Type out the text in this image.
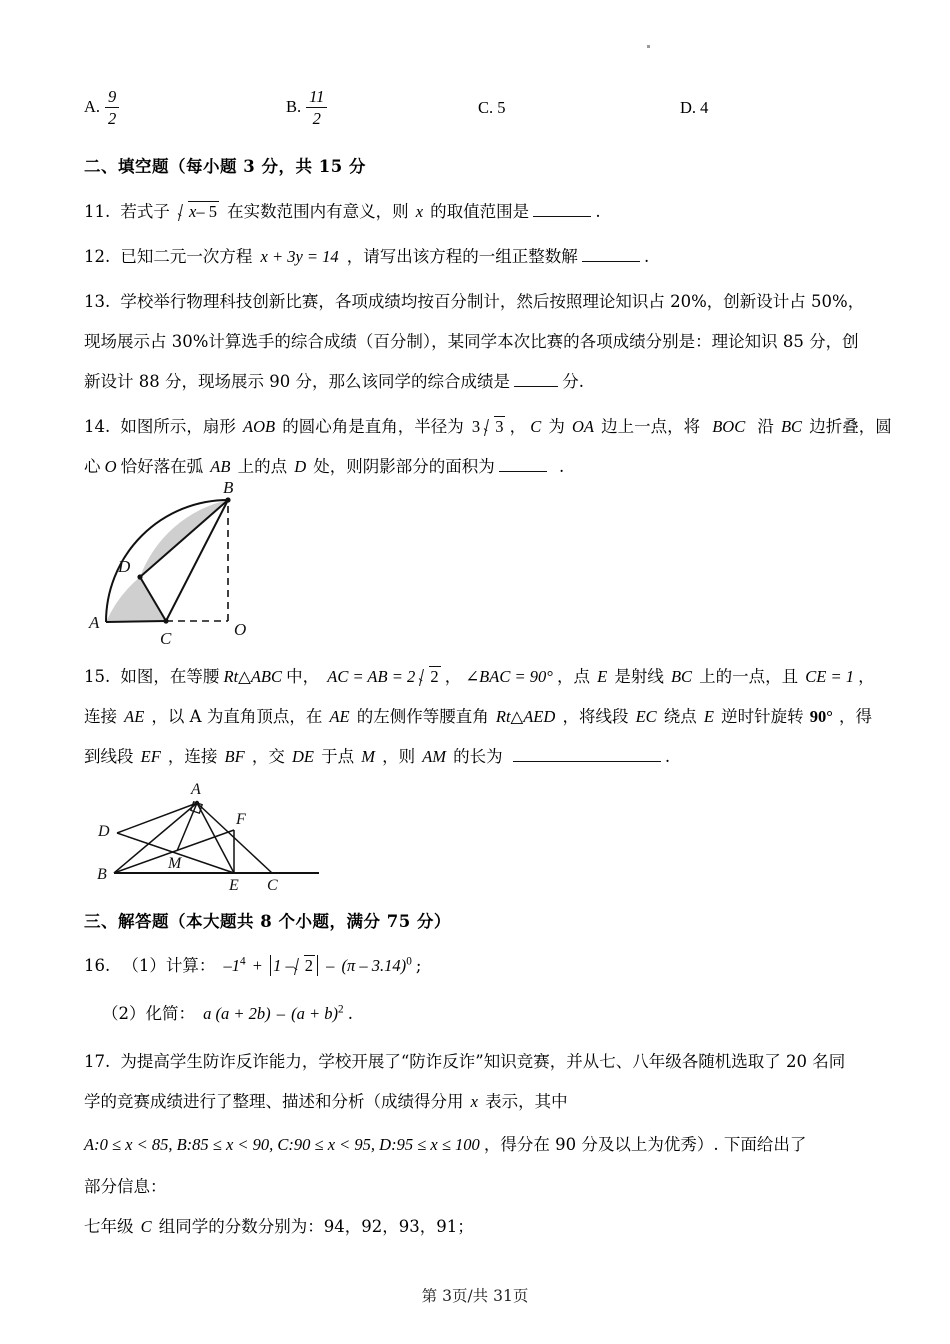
A. $\frac{9}{2}$	B. $\frac{11}{2}$	C. 5	D. 4
二、填空题（每小题 3 分，共 15 分
11. 若式子 x– 5 在实数范围内有意义，则 x 的取值范围是	.
12. 已知二元一次方程 x + 3y = 14 ，请写出该方程的一组正整数解	.
13. 学校举行物理科技创新比赛，各项成绩均按百分制计，然后按照理论知识占 20%，创新设计占 50%，
现场展示占 30%计算选手的综合成绩（百分制），某同学本次比赛的各项成绩分别是：理论知识 85 分，创
新设计 88 分，现场展示 90 分，那么该同学的综合成绩是	分.
14. 如图所示，扇形 AOB 的圆心角是直角，半径为 3 3 ， C 为 OA 边上一点，将 BOC 沿 BC 边折叠，圆
心 O 恰好落在弧 AB 上的点 D 处，则阴影部分的面积为	.
B
D
A
C	O
15. 如图，在等腰 Rt△ABC 中， AC = AB = 2 2 ， ∠BAC = 90° ，点 E 是射线 BC 上的一点，且 CE = 1 ，
连接 AE ，以 A 为直角顶点，在 AE 的左侧作等腰直角 Rt△AED ，将线段 EC 绕点 E 逆时针旋转 90° ，得
到线段 EF ，连接 BF ，交 DE 于点 M ，则 AM 的长为	.
A
D
F
B
M
E C
三、解答题（本大题共 8 个小题，满分 75 分）
16. （1）计算： $-1^4 + 1 - 2 - (\pi - 3.14)^0$ ;
（2）化简： a $(a + 2b) - (a + b)^2$ .
17. 为提高学生防诈反诈能力，学校开展了“防诈反诈”知识竞赛，并从七、八年级各随机选取了 20 名同
学的竞赛成绩进行了整理、描述和分析（成绩得分用 x 表示，其中
A:0 ≤ x < 85, B:85 ≤ x < 90, C:90 ≤ x < 95, D:95 ≤ x ≤ 100 ，得分在 90 分及以上为优秀）. 下面给出了
部分信息：
七年级 C 组同学的分数分别为：94，92，93，91；
第 3页/共 31页
